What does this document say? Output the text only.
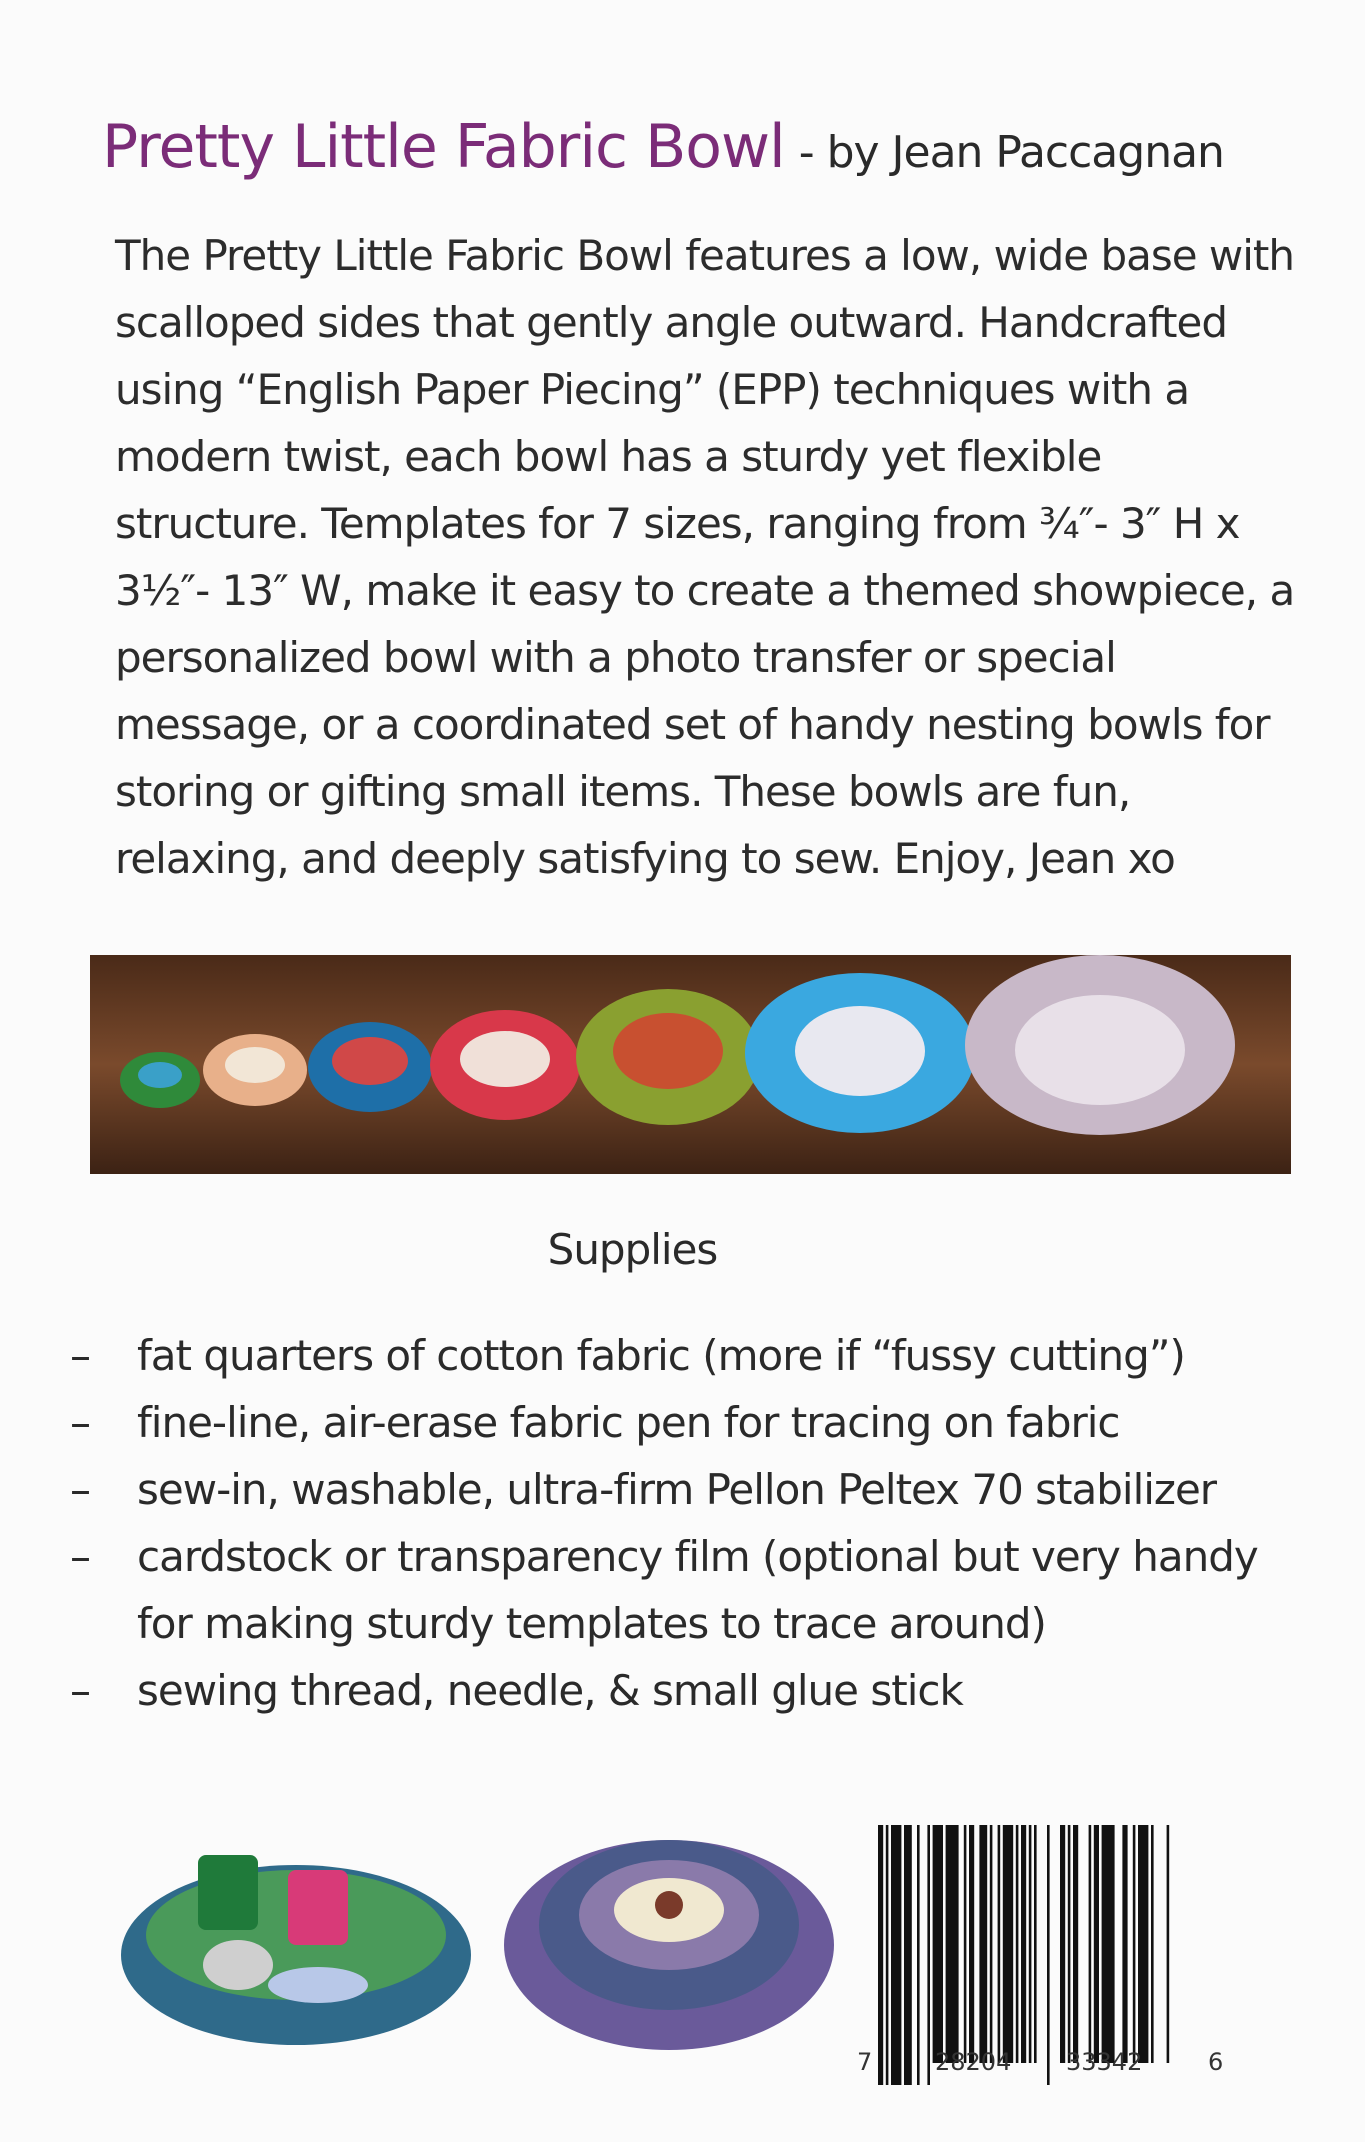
Pretty Little Fabric Bowl - by Jean Paccagnan
The Pretty Little Fabric Bowl features a low, wide base with scalloped sides that gently angle outward. Handcrafted using “English Paper Piecing” (EPP) techniques with a modern twist, each bowl has a sturdy yet flexible structure. Templates for 7 sizes, ranging from ¾″- 3″ H x 3½″- 13″ W, make it easy to create a themed showpiece, a personalized bowl with a photo transfer or special message, or a coordinated set of handy nesting bowls for storing or gifting small items. These bowls are fun, relaxing, and deeply satisfying to sew. Enjoy, Jean xo
Supplies
– fat quarters of cotton fabric (more if “fussy cutting”)
– fine-line, air-erase fabric pen for tracing on fabric
– sew-in, washable, ultra-firm Pellon Peltex 70 stabilizer
– cardstock or transparency film (optional but very handy for making sturdy templates to trace around)
– sewing thread, needle, & small glue stick
7	28204 33342	6
